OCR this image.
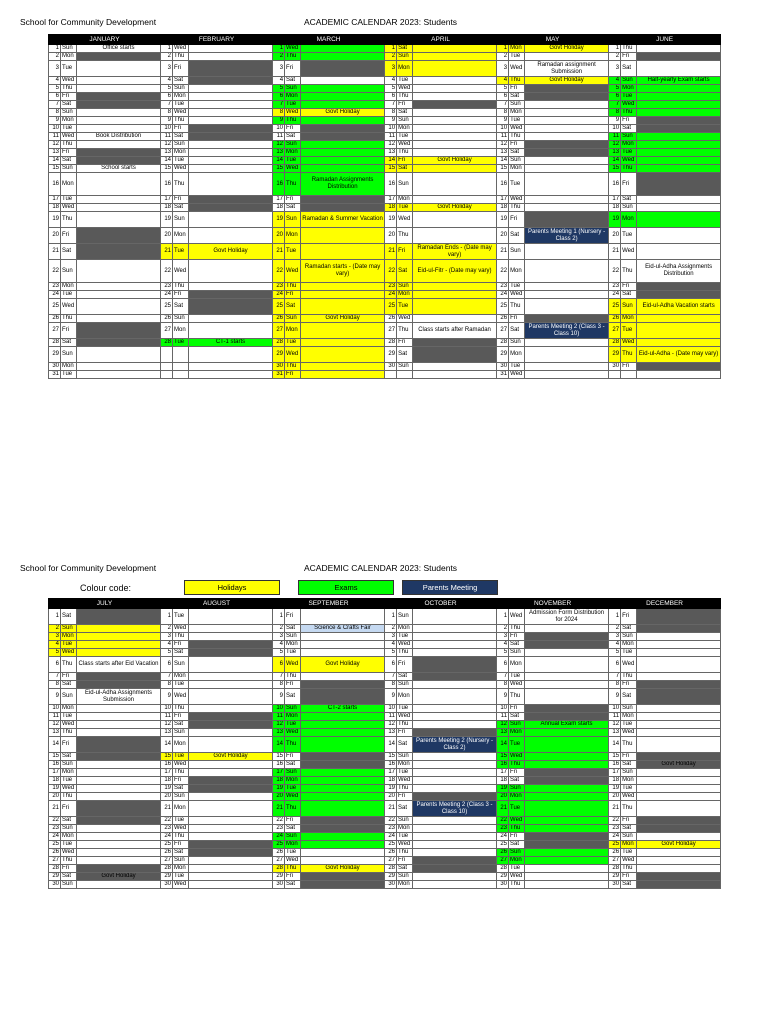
School for Community Development	ACADEMIC CALENDAR 2023: Students
JANUARY			FEBRUARY			MARCH			APRIL			MAY			JUNE		
1	Sun	Office starts	1	Wed		1	Wed		1	Sat		1	Mon	Govt Holiday	1	Thu	
2	Mon		2	Thu		2	Thu		2	Sun		2	Tue		2	Fri	
3	Tue		3	Fri		3	Fri		3	Mon		3	Wed	Ramadan assignment Submission	3	Sat	
4	Wed		4	Sat		4	Sat		4	Tue		4	Thu	Govt Holiday	4	Sun	Half-yearly Exam starts
5	Thu		5	Sun		5	Sun		5	Wed		5	Fri		5	Mon	
6	Fri		6	Mon		6	Mon		6	Thu		6	Sat		6	Tue	
7	Sat		7	Tue		7	Tue		7	Fri		7	Sun		7	Wed	
8	Sun		8	Wed		8	Wed	Govt Holiday	8	Sat		8	Mon		8	Thu	
9	Mon		9	Thu		9	Thu		9	Sun		9	Tue		9	Fri	
10	Tue		10	Fri		10	Fri		10	Mon		10	Wed		10	Sat	
11	Wed	Book Distribution	11	Sat		11	Sat		11	Tue		11	Thu		11	Sun	
12	Thu		12	Sun		12	Sun		12	Wed		12	Fri		12	Mon	
13	Fri		13	Mon		13	Mon		13	Thu		13	Sat		13	Tue	
14	Sat		14	Tue		14	Tue		14	Fri	Govt Holiday	14	Sun		14	Wed	
15	Sun	School starts	15	Wed		15	Wed		15	Sat		15	Mon		15	Thu	
16	Mon		16	Thu		16	Thu	Ramadan Assignments Distribution	16	Sun		16	Tue		16	Fri	
17	Tue		17	Fri		17	Fri		17	Mon		17	Wed		17	Sat	
18	Wed		18	Sat		18	Sat		18	Tue	Govt Holiday	18	Thu		18	Sun	
19	Thu		19	Sun		19	Sun	Ramadan & Summer Vacation	19	Wed		19	Fri		19	Mon	
20	Fri		20	Mon		20	Mon		20	Thu		20	Sat	Parents Meeting 1 (Nursery - Class 2)	20	Tue	
21	Sat		21	Tue	Govt Holiday	21	Tue		21	Fri	Ramadan Ends - (Date may vary)	21	Sun		21	Wed	
22	Sun		22	Wed		22	Wed	Ramadan starts - (Date may vary)	22	Sat	Eid-ul-Fitr - (Date may vary)	22	Mon		22	Thu	Eid-ul-Adha Assignments Distribution
23	Mon		23	Thu		23	Thu		23	Sun		23	Tue		23	Fri	
24	Tue		24	Fri		24	Fri		24	Mon		24	Wed		24	Sat	
25	Wed		25	Sat		25	Sat		25	Tue		25	Thu		25	Sun	Eid-ul-Adha Vacation starts
26	Thu		26	Sun		26	Sun	Govt Holiday	26	Wed		26	Fri		26	Mon	
27	Fri		27	Mon		27	Mon		27	Thu	Class starts after Ramadan	27	Sat	Parents Meeting 2 (Class 3 - Class 10)	27	Tue	
28	Sat		28	Tue	CT-1 starts	28	Tue		28	Fri		28	Sun		28	Wed	
29	Sun					29	Wed		29	Sat		29	Mon		29	Thu	Eid-ul-Adha - (Date may vary)
30	Mon					30	Thu		30	Sun		30	Tue		30	Fri	
31	Tue					31	Fri					31	Wed				
School for Community Development	ACADEMIC CALENDAR 2023: Students
Colour code:	Holidays	Exams	Parents Meeting
JULY			AUGUST			SEPTEMBER			OCTOBER			NOVEMBER			DECEMBER		
1	Sat		1	Tue		1	Fri		1	Sun		1	Wed	Admission Form Distribution for 2024	1	Fri	
2	Sun		2	Wed		2	Sat	Science & Crafts Fair	2	Mon		2	Thu		2	Sat	
3	Mon		3	Thu		3	Sun		3	Tue		3	Fri		3	Sun	
4	Tue		4	Fri		4	Mon		4	Wed		4	Sat		4	Mon	
5	Wed		5	Sat		5	Tue		5	Thu		5	Sun		5	Tue	
6	Thu	Class starts after Eid Vacation	6	Sun		6	Wed	Govt Holiday	6	Fri		6	Mon		6	Wed	
7	Fri		7	Mon		7	Thu		7	Sat		7	Tue		7	Thu	
8	Sat		8	Tue		8	Fri		8	Sun		8	Wed		8	Fri	
9	Sun	Eid-ul-Adha Assignments Submission	9	Wed		9	Sat		9	Mon		9	Thu		9	Sat	
10	Mon		10	Thu		10	Sun	CT-2 starts	10	Tue		10	Fri		10	Sun	
11	Tue		11	Fri		11	Mon		11	Wed		11	Sat		11	Mon	
12	Wed		12	Sat		12	Tue		12	Thu		12	Sun	Annual Exam starts	12	Tue	
13	Thu		13	Sun		13	Wed		13	Fri		13	Mon		13	Wed	
14	Fri		14	Mon		14	Thu		14	Sat	Parents Meeting 2 (Nursery - Class 2)	14	Tue		14	Thu	
15	Sat		15	Tue	Govt Holiday	15	Fri		15	Sun		15	Wed		15	Fri	
16	Sun		16	Wed		16	Sat		16	Mon		16	Thu		16	Sat	Govt Holiday
17	Mon		17	Thu		17	Sun		17	Tue		17	Fri		17	Sun	
18	Tue		18	Fri		18	Mon		18	Wed		18	Sat		18	Mon	
19	Wed		19	Sat		19	Tue		19	Thu		19	Sun		19	Tue	
20	Thu		20	Sun		20	Wed		20	Fri		20	Mon		20	Wed	
21	Fri		21	Mon		21	Thu		21	Sat	Parents Meeting 2 (Class 3 - Class 10)	21	Tue		21	Thu	
22	Sat		22	Tue		22	Fri		22	Sun		22	Wed		22	Fri	
23	Sun		23	Wed		23	Sat		23	Mon		23	Thu		23	Sat	
24	Mon		24	Thu		24	Sun		24	Tue		24	Fri		24	Sun	
25	Tue		25	Fri		25	Mon		25	Wed		25	Sat		25	Mon	Govt Holiday
26	Wed		26	Sat		26	Tue		26	Thu		26	Sun		26	Tue	
27	Thu		27	Sun		27	Wed		27	Fri		27	Mon		27	Wed	
28	Fri		28	Mon		28	Thu	Govt Holiday	28	Sat		28	Tue		28	Thu	
29	Sat	Govt Holiday	29	Tue		29	Fri		29	Sun		29	Wed		29	Fri	
30	Sun		30	Wed		30	Sat		30	Mon		30	Thu		30	Sat	
